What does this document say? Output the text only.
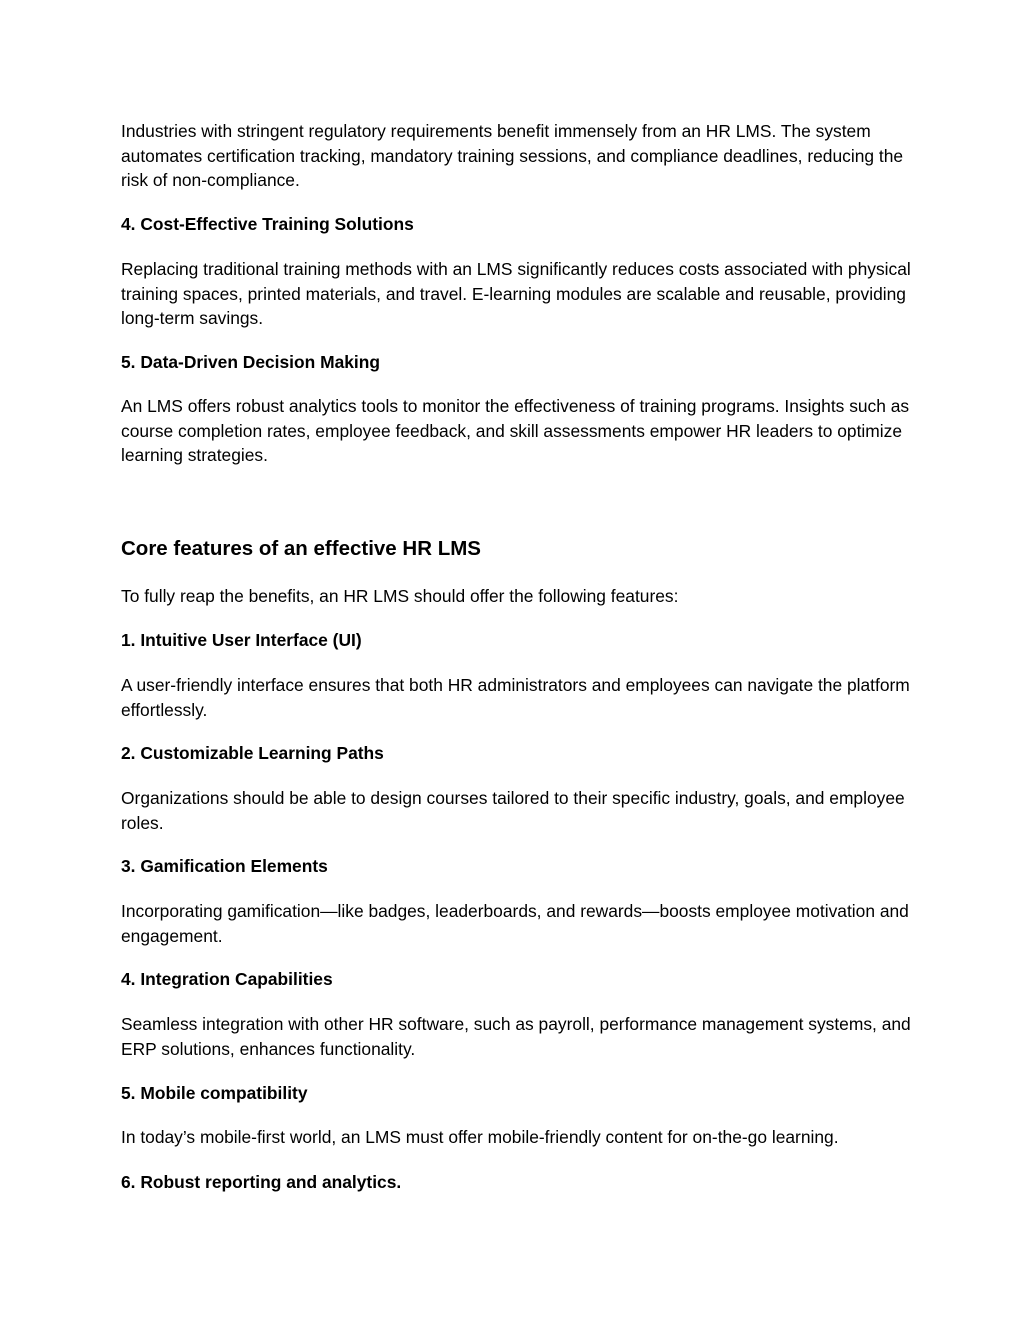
Industries with stringent regulatory requirements benefit immensely from an HR LMS. The system automates certification tracking, mandatory training sessions, and compliance deadlines, reducing the risk of non-compliance.

4. Cost-Effective Training Solutions

Replacing traditional training methods with an LMS significantly reduces costs associated with physical training spaces, printed materials, and travel. E-learning modules are scalable and reusable, providing long-term savings.

5. Data-Driven Decision Making

An LMS offers robust analytics tools to monitor the effectiveness of training programs. Insights such as course completion rates, employee feedback, and skill assessments empower HR leaders to optimize learning strategies.

Core features of an effective HR LMS

To fully reap the benefits, an HR LMS should offer the following features:

1. Intuitive User Interface (UI)

A user-friendly interface ensures that both HR administrators and employees can navigate the platform effortlessly.

2. Customizable Learning Paths

Organizations should be able to design courses tailored to their specific industry, goals, and employee roles.

3. Gamification Elements

Incorporating gamification—like badges, leaderboards, and rewards—boosts employee motivation and engagement.

4. Integration Capabilities

Seamless integration with other HR software, such as payroll, performance management systems, and ERP solutions, enhances functionality.

5. Mobile compatibility

In today’s mobile-first world, an LMS must offer mobile-friendly content for on-the-go learning.

6. Robust reporting and analytics.
